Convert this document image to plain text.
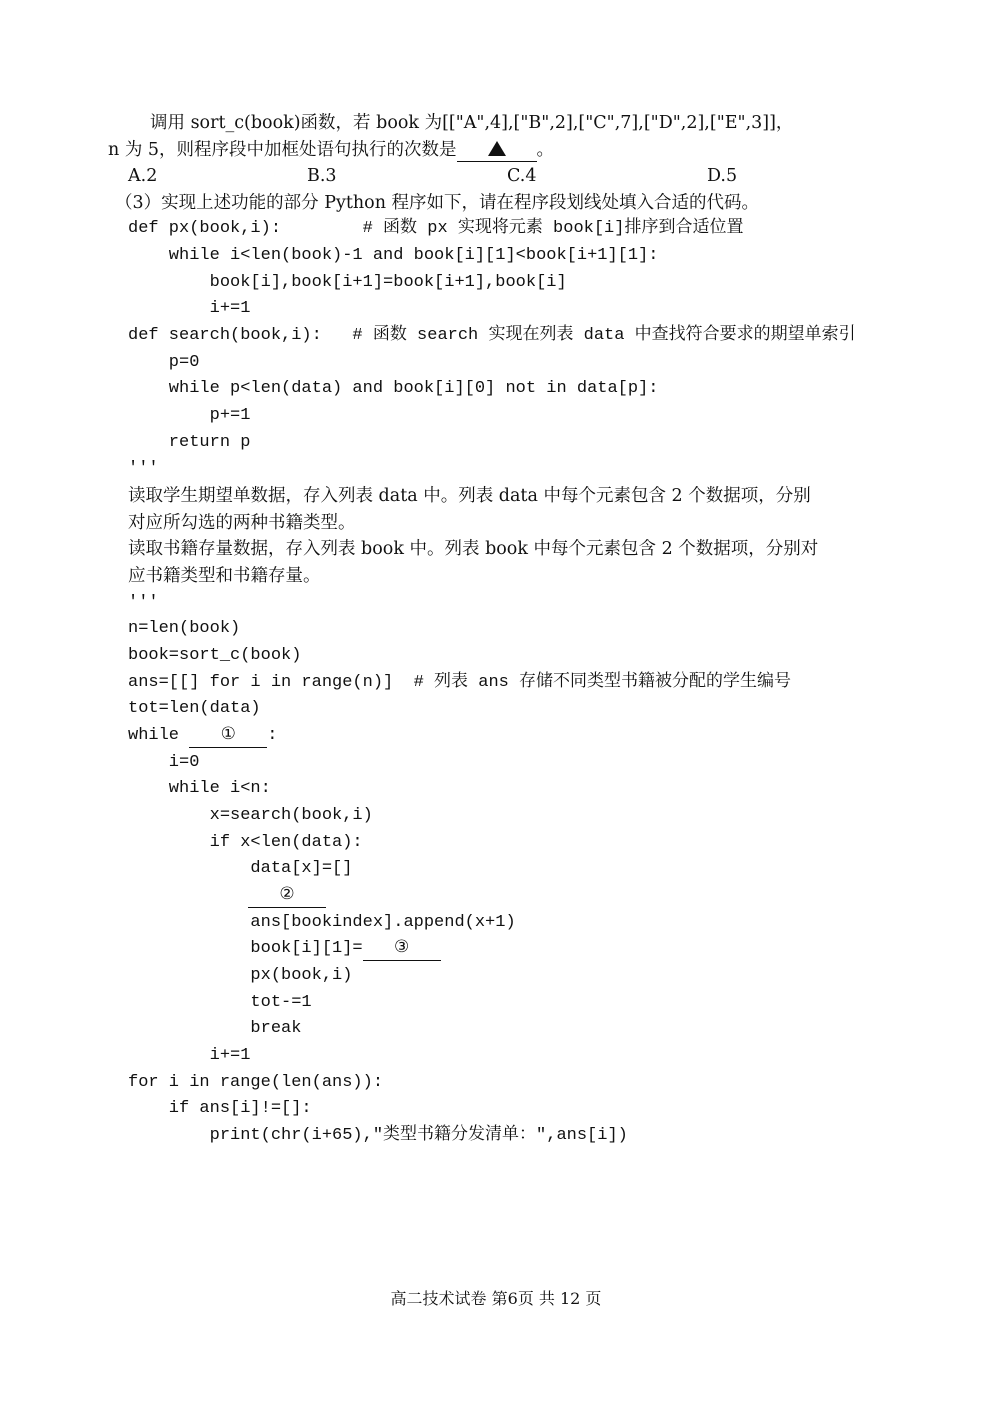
调用 sort_c(book)函数，若 book 为[["A",4],["B",2],["C",7],["D",2],["E",3]]，
n 为 5，则程序段中加框处语句执行的次数是	。
A.2	B.3	C.4	D.5
（3）实现上述功能的部分 Python 程序如下，请在程序段划线处填入合适的代码。
def px(book,i):        # 函数 px 实现将元素 book[i]排序到合适位置
while i<len(book)-1 and book[i][1]<book[i+1][1]:
book[i],book[i+1]=book[i+1],book[i]
i+=1
def search(book,i):   # 函数 search 实现在列表 data 中查找符合要求的期望单索引
p=0
while p<len(data) and book[i][0] not in data[p]:
p+=1
return p
'''
读取学生期望单数据，存入列表 data 中。列表 data 中每个元素包含 2 个数据项，分别
对应所勾选的两种书籍类型。
读取书籍存量数据，存入列表 book 中。列表 book 中每个元素包含 2 个数据项，分别对
应书籍类型和书籍存量。
'''
n=len(book)
book=sort_c(book)
ans=[[] for i in range(n)]  # 列表 ans 存储不同类型书籍被分配的学生编号
tot=len(data)
while ① :
i=0
while i<n:
x=search(book,i)
if x<len(data):
data[x]=[]
②
ans[bookindex].append(x+1)
book[i][1]= ③
px(book,i)
tot-=1
break
i+=1
for i in range(len(ans)):
if ans[i]!=[]:
print(chr(i+65),"类型书籍分发清单：",ans[i])
高二技术试卷 第6页 共 12 页
